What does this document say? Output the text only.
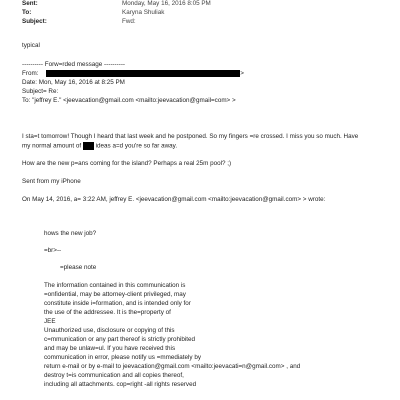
Sent:	Monday, May 16, 2016 8:05 PM
To:	Karyna Shuliak
Subject:	Fwd:
typical
---------- Forw=rded message ----------
From:	>
Date: Mon, May 16, 2016 at 8:25 PM
Subject= Re:
To: "jeffrey E." <jeevacation@gmail.com <mailto:jeevacation@gmail=com> >
I sta=t tomorrow! Though I heard that last week and he postponed. So my fingers =re crossed. I miss you so much. Have
my normal amount of ideas a=d you're so far away.
How are the new p=ans coming for the island? Perhaps a real 25m pool? ;)
Sent from my iPhone
On May 14, 2016, a= 3:22 AM, jeffrey E. <jeevacation@gmail.com <mailto:jeevacation@gmail.com> > wrote:
hows the new job?
=br>--
=please note
The information contained in this communication is
=onfidential, may be attorney-client privileged, may
constitute inside i=formation, and is intended only for
the use of the addressee. It is the=property of
JEE
Unauthorized use, disclosure or copying of this
c=mmunication or any part thereof is strictly prohibited
and may be unlaw=ul. If you have received this
communication in error, please notify us =mmediately by
return e-mail or by e-mail to jeevacation@gmail.com <mailto:jeevacati=n@gmail.com> , and
destroy t=is communication and all copies thereof,
including all attachments. cop=right -all rights reserved
